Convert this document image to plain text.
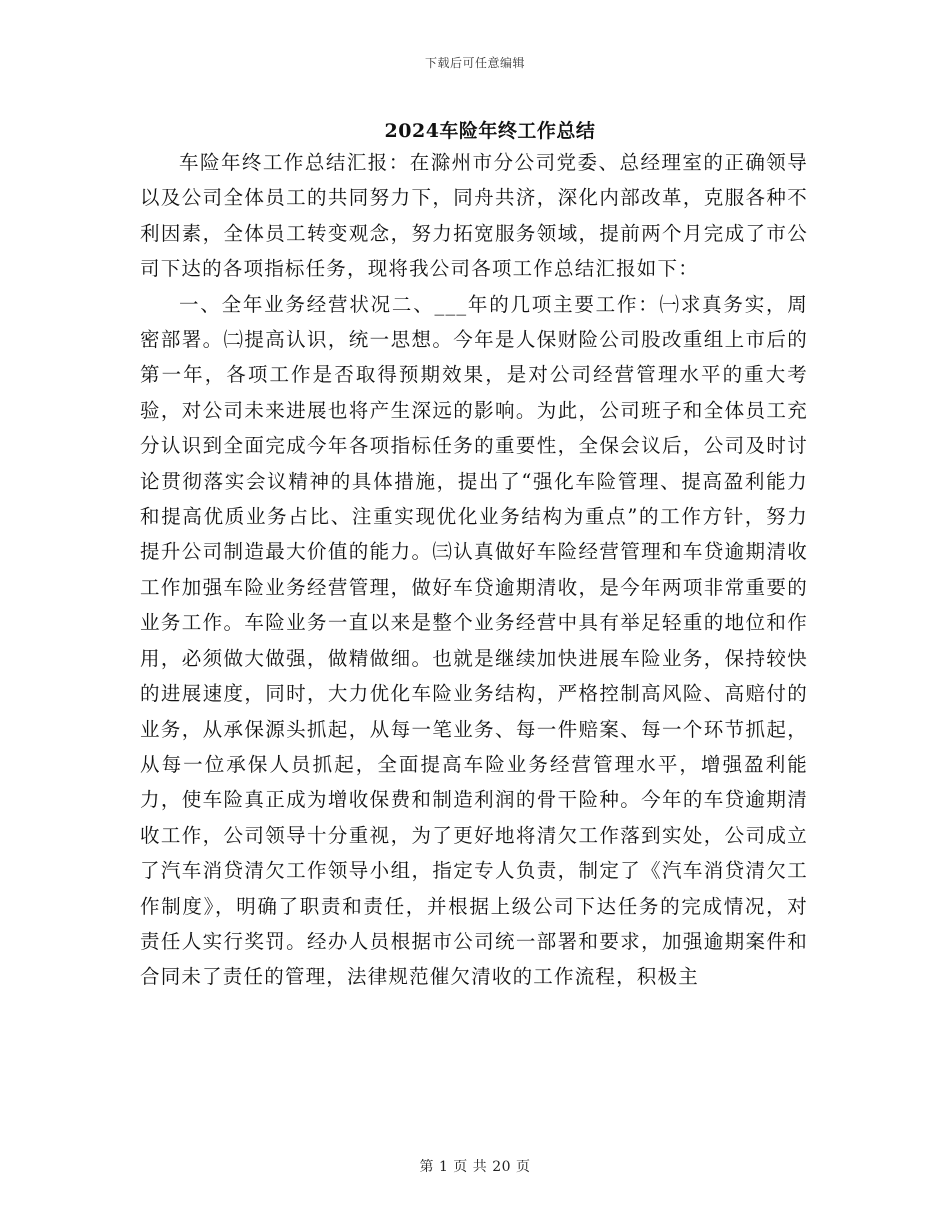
下载后可任意编辑
2024车险年终工作总结

车险年终工作总结汇报：在滁州市分公司党委、总经理室的正确领导以及公司全体员工的共同努力下，同舟共济，深化内部改革，克服各种不利因素，全体员工转变观念，努力拓宽服务领域，提前两个月完成了市公司下达的各项指标任务，现将我公司各项工作总结汇报如下：

一、全年业务经营状况二、___年的几项主要工作：㈠求真务实，周密部署。㈡提高认识，统一思想。今年是人保财险公司股改重组上市后的第一年，各项工作是否取得预期效果，是对公司经营管理水平的重大考验，对公司未来进展也将产生深远的影响。为此，公司班子和全体员工充分认识到全面完成今年各项指标任务的重要性，全保会议后，公司及时讨论贯彻落实会议精神的具体措施，提出了“强化车险管理、提高盈利能力和提高优质业务占比、注重实现优化业务结构为重点”的工作方针，努力提升公司制造最大价值的能力。㈢认真做好车险经营管理和车贷逾期清收工作加强车险业务经营管理，做好车贷逾期清收，是今年两项非常重要的业务工作。车险业务一直以来是整个业务经营中具有举足轻重的地位和作用，必须做大做强，做精做细。也就是继续加快进展车险业务，保持较快的进展速度，同时，大力优化车险业务结构，严格控制高风险、高赔付的业务，从承保源头抓起，从每一笔业务、每一件赔案、每一个环节抓起，从每一位承保人员抓起，全面提高车险业务经营管理水平，增强盈利能力，使车险真正成为增收保费和制造利润的骨干险种。今年的车贷逾期清收工作，公司领导十分重视，为了更好地将清欠工作落到实处，公司成立了汽车消贷清欠工作领导小组，指定专人负责，制定了《汽车消贷清欠工作制度》，明确了职责和责任，并根据上级公司下达任务的完成情况，对责任人实行奖罚。经办人员根据市公司统一部署和要求，加强逾期案件和合同未了责任的管理，法律规范催欠清收的工作流程，积极主

第 1 页 共 20 页
